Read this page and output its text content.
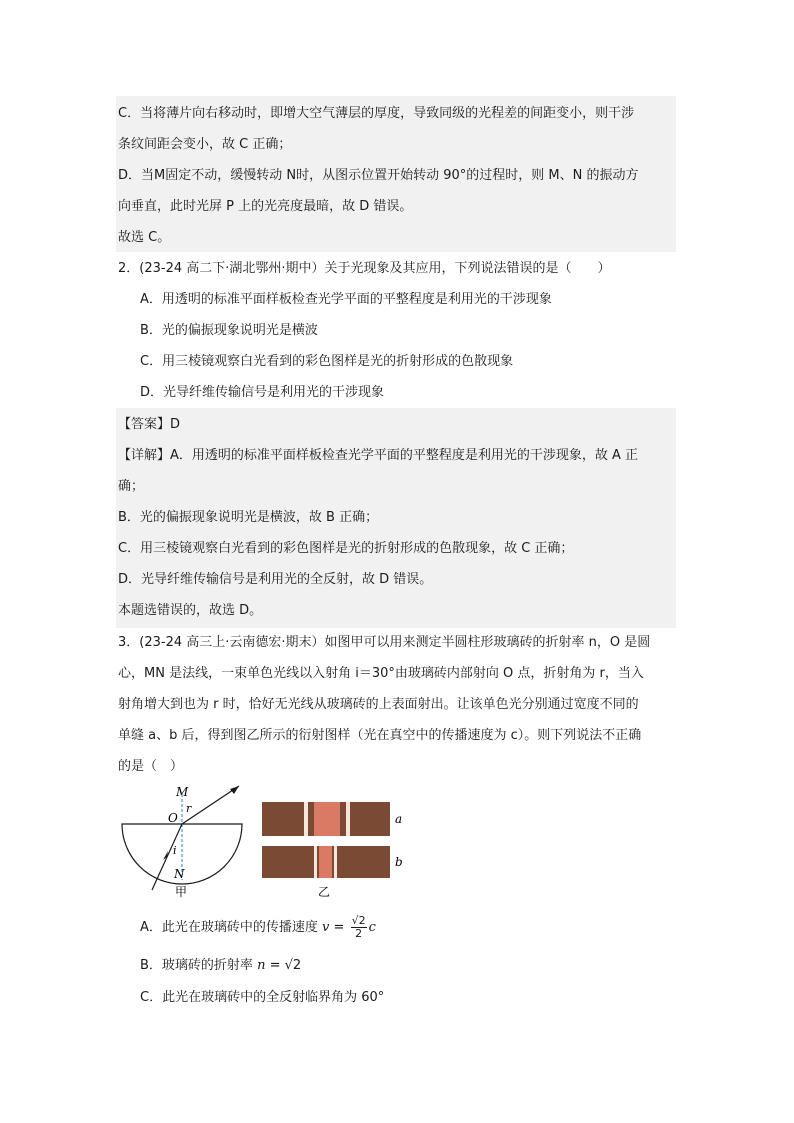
C．当将薄片向右移动时，即增大空气薄层的厚度，导致同级的光程差的间距变小，则干涉
条纹间距会变小，故 C 正确；
D．当M固定不动，缓慢转动 N时，从图示位置开始转动 90°的过程时，则 M、N 的振动方
向垂直，此时光屏 P 上的光亮度最暗，故 D 错误。
故选 C。
2．(23-24 高二下·湖北鄂州·期中）关于光现象及其应用，下列说法错误的是（　　）
A．用透明的标准平面样板检查光学平面的平整程度是利用光的干涉现象
B．光的偏振现象说明光是横波
C．用三棱镜观察白光看到的彩色图样是光的折射形成的色散现象
D．光导纤维传输信号是利用光的干涉现象
【答案】D
【详解】A．用透明的标准平面样板检查光学平面的平整程度是利用光的干涉现象，故 A 正
确；
B．光的偏振现象说明光是横波，故 B 正确；
C．用三棱镜观察白光看到的彩色图样是光的折射形成的色散现象，故 C 正确；
D．光导纤维传输信号是利用光的全反射，故 D 错误。
本题选错误的，故选 D。
3．(23-24 高三上·云南德宏·期末）如图甲可以用来测定半圆柱形玻璃砖的折射率 n，O 是圆
心，MN 是法线，一束单色光线以入射角 i＝30°由玻璃砖内部射向 O 点，折射角为 r，当入
射角增大到也为 r 时，恰好无光线从玻璃砖的上表面射出。让该单色光分别通过宽度不同的
单缝 a、b 后，得到图乙所示的衍射图样（光在真空中的传播速度为 c）。则下列说法不正确
的是（　）
M
O
r
i
N
甲
a
b
乙
A．此光在玻璃砖中的传播速度 $v = \frac{√2}{2}$ c
B．玻璃砖的折射率 n = √2
C．此光在玻璃砖中的全反射临界角为 60°
